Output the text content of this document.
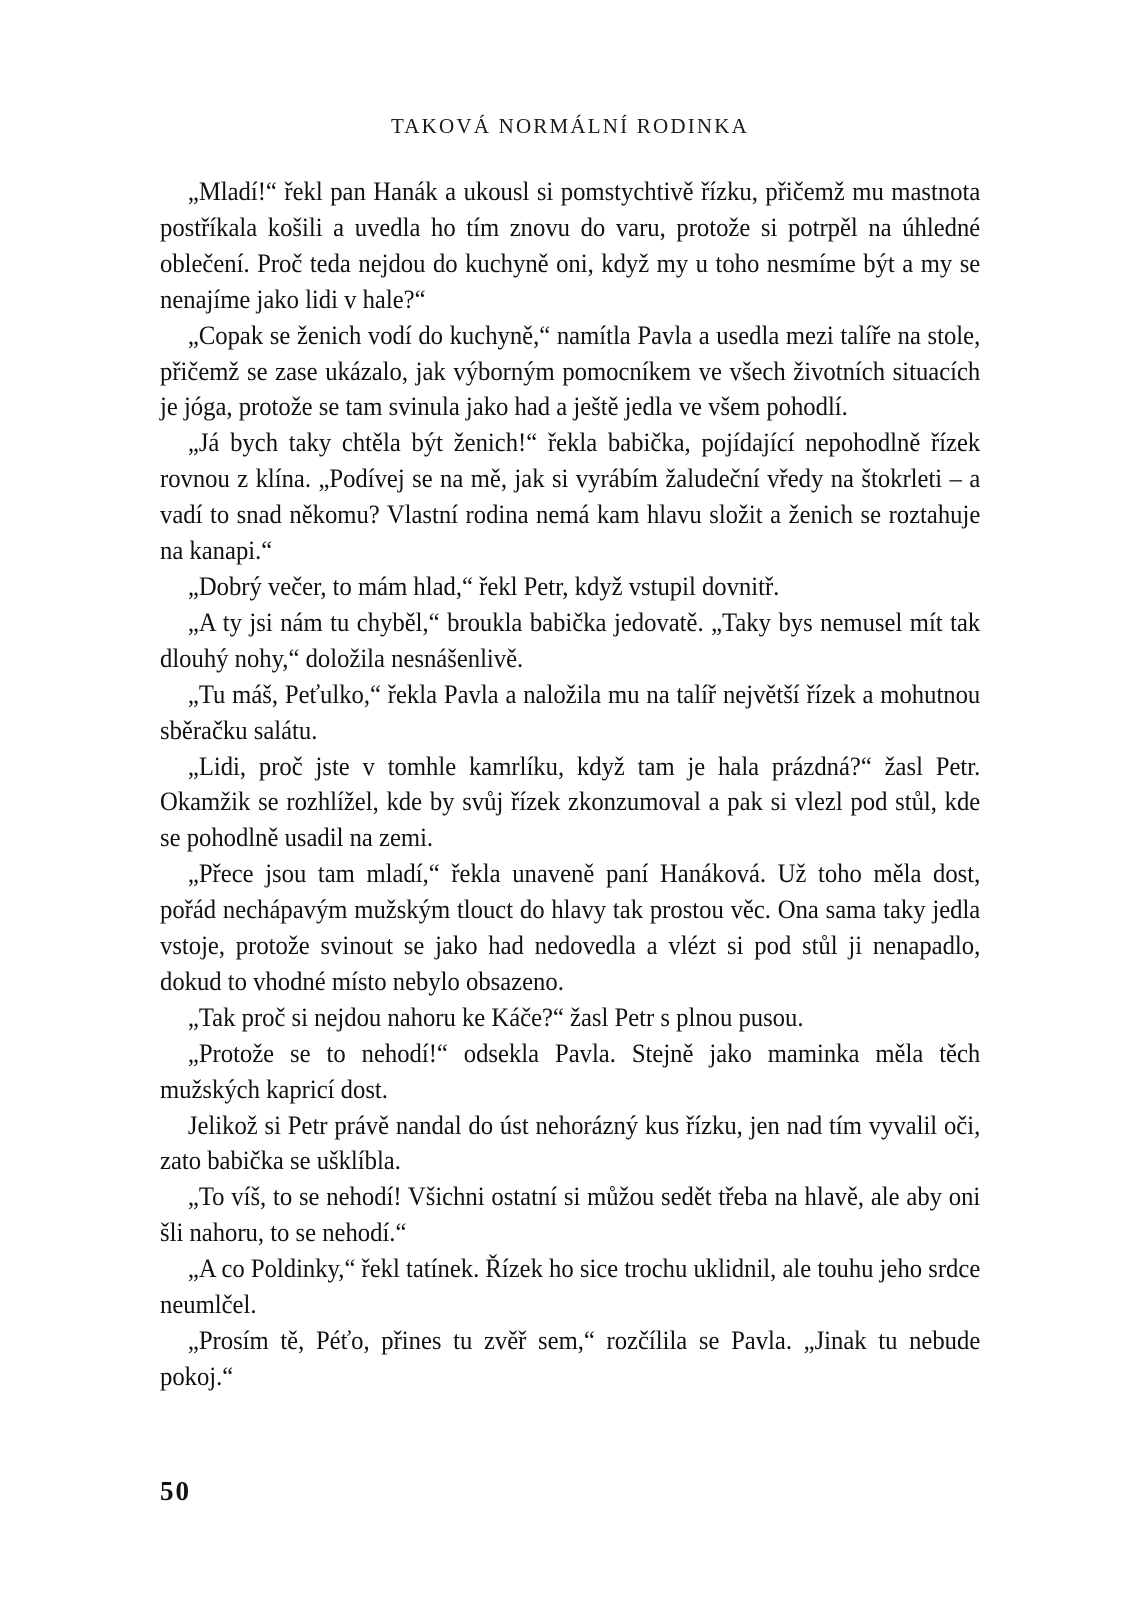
TAKOVÁ NORMÁLNÍ RODINKA

„Mladí!“ řekl pan Hanák a ukousl si pomstychtivě řízku, přičemž mu mastnota postříkala košili a uvedla ho tím znovu do varu, protože si potrpěl na úhledné oblečení. Proč teda nejdou do kuchyně oni, když my u toho nesmíme být a my se nenajíme jako lidi v hale?“

„Copak se ženich vodí do kuchyně,“ namítla Pavla a usedla mezi talíře na stole, přičemž se zase ukázalo, jak výborným pomocníkem ve všech životních situacích je jóga, protože se tam svinula jako had a ještě jedla ve všem pohodlí.

„Já bych taky chtěla být ženich!“ řekla babička, pojídající nepohodlně řízek rovnou z klína. „Podívej se na mě, jak si vyrábím žaludeční vředy na štokrleti – a vadí to snad někomu? Vlastní rodina nemá kam hlavu složit a ženich se roztahuje na kanapi.“

„Dobrý večer, to mám hlad,“ řekl Petr, když vstupil dovnitř.

„A ty jsi nám tu chyběl,“ broukla babička jedovatě. „Taky bys nemusel mít tak dlouhý nohy,“ doložila nesnášenlivě.

„Tu máš, Peťulko,“ řekla Pavla a naložila mu na talíř největší řízek a mohutnou sběračku salátu.

„Lidi, proč jste v tomhle kamrlíku, když tam je hala prázdná?“ žasl Petr. Okamžik se rozhlížel, kde by svůj řízek zkonzumoval a pak si vlezl pod stůl, kde se pohodlně usadil na zemi.

„Přece jsou tam mladí,“ řekla unaveně paní Hanáková. Už toho měla dost, pořád nechápavým mužským tlouct do hlavy tak prostou věc. Ona sama taky jedla vstoje, protože svinout se jako had nedovedla a vlézt si pod stůl ji nenapadlo, dokud to vhodné místo nebylo obsazeno.

„Tak proč si nejdou nahoru ke Káče?“ žasl Petr s plnou pusou.

„Protože se to nehodí!“ odsekla Pavla. Stejně jako maminka měla těch mužských kapricí dost.

Jelikož si Petr právě nandal do úst nehorázný kus řízku, jen nad tím vyvalil oči, zato babička se ušklíbla.

„To víš, to se nehodí! Všichni ostatní si můžou sedět třeba na hlavě, ale aby oni šli nahoru, to se nehodí.“

„A co Poldinky,“ řekl tatínek. Řízek ho sice trochu uklidnil, ale touhu jeho srdce neumlčel.

„Prosím tě, Péťo, přines tu zvěř sem,“ rozčílila se Pavla. „Jinak tu nebude pokoj.“

50
